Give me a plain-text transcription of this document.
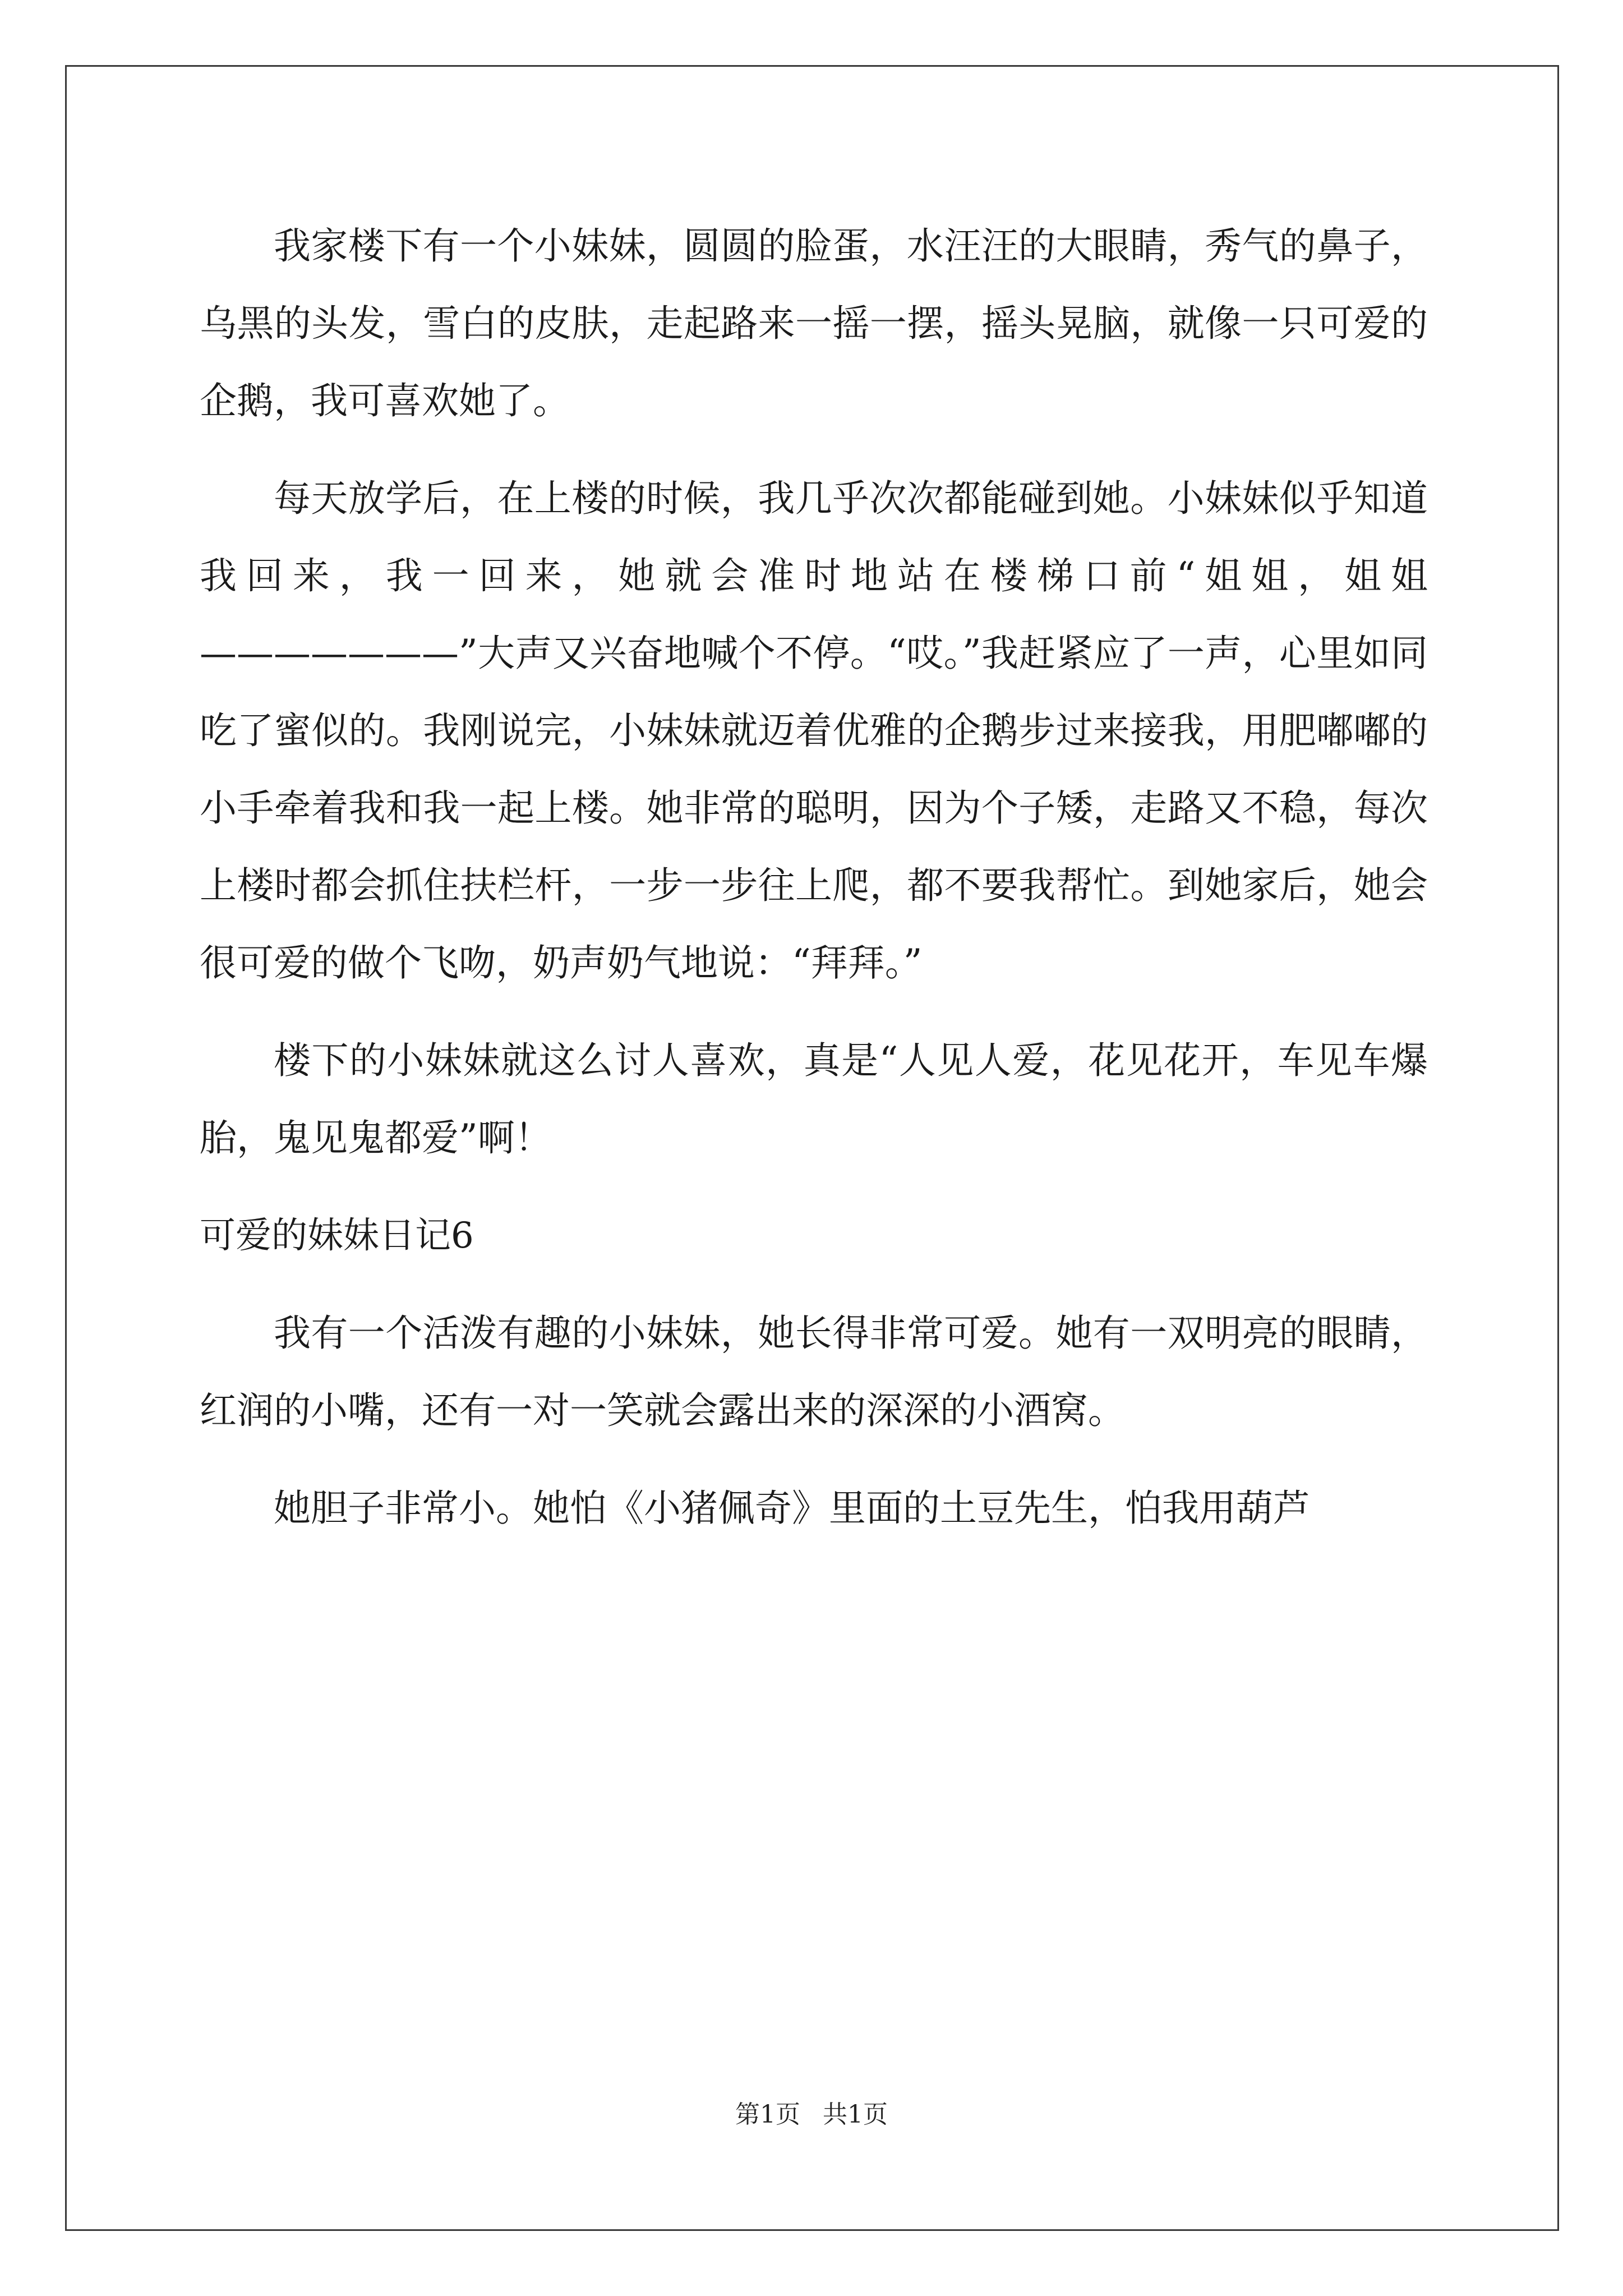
我家楼下有一个小妹妹，圆圆的脸蛋，水汪汪的大眼睛，秀气的鼻子，乌黑的头发，雪白的皮肤，走起路来一摇一摆，摇头晃脑，就像一只可爱的企鹅，我可喜欢她了。

每天放学后，在上楼的时候，我几乎次次都能碰到她。小妹妹似乎知道我回来，我一回来，她就会准时地站在楼梯口前“姐姐，姐姐———————”大声又兴奋地喊个不停。“哎。”我赶紧应了一声，心里如同吃了蜜似的。我刚说完，小妹妹就迈着优雅的企鹅步过来接我，用肥嘟嘟的小手牵着我和我一起上楼。她非常的聪明，因为个子矮，走路又不稳，每次上楼时都会抓住扶栏杆，一步一步往上爬，都不要我帮忙。到她家后，她会很可爱的做个飞吻，奶声奶气地说：“拜拜。”

楼下的小妹妹就这么讨人喜欢，真是“人见人爱，花见花开，车见车爆胎，鬼见鬼都爱”啊！

可爱的妹妹日记6

我有一个活泼有趣的小妹妹，她长得非常可爱。她有一双明亮的眼睛，红润的小嘴，还有一对一笑就会露出来的深深的小酒窝。

她胆子非常小。她怕《小猪佩奇》里面的土豆先生，怕我用葫芦

第1页 共1页
